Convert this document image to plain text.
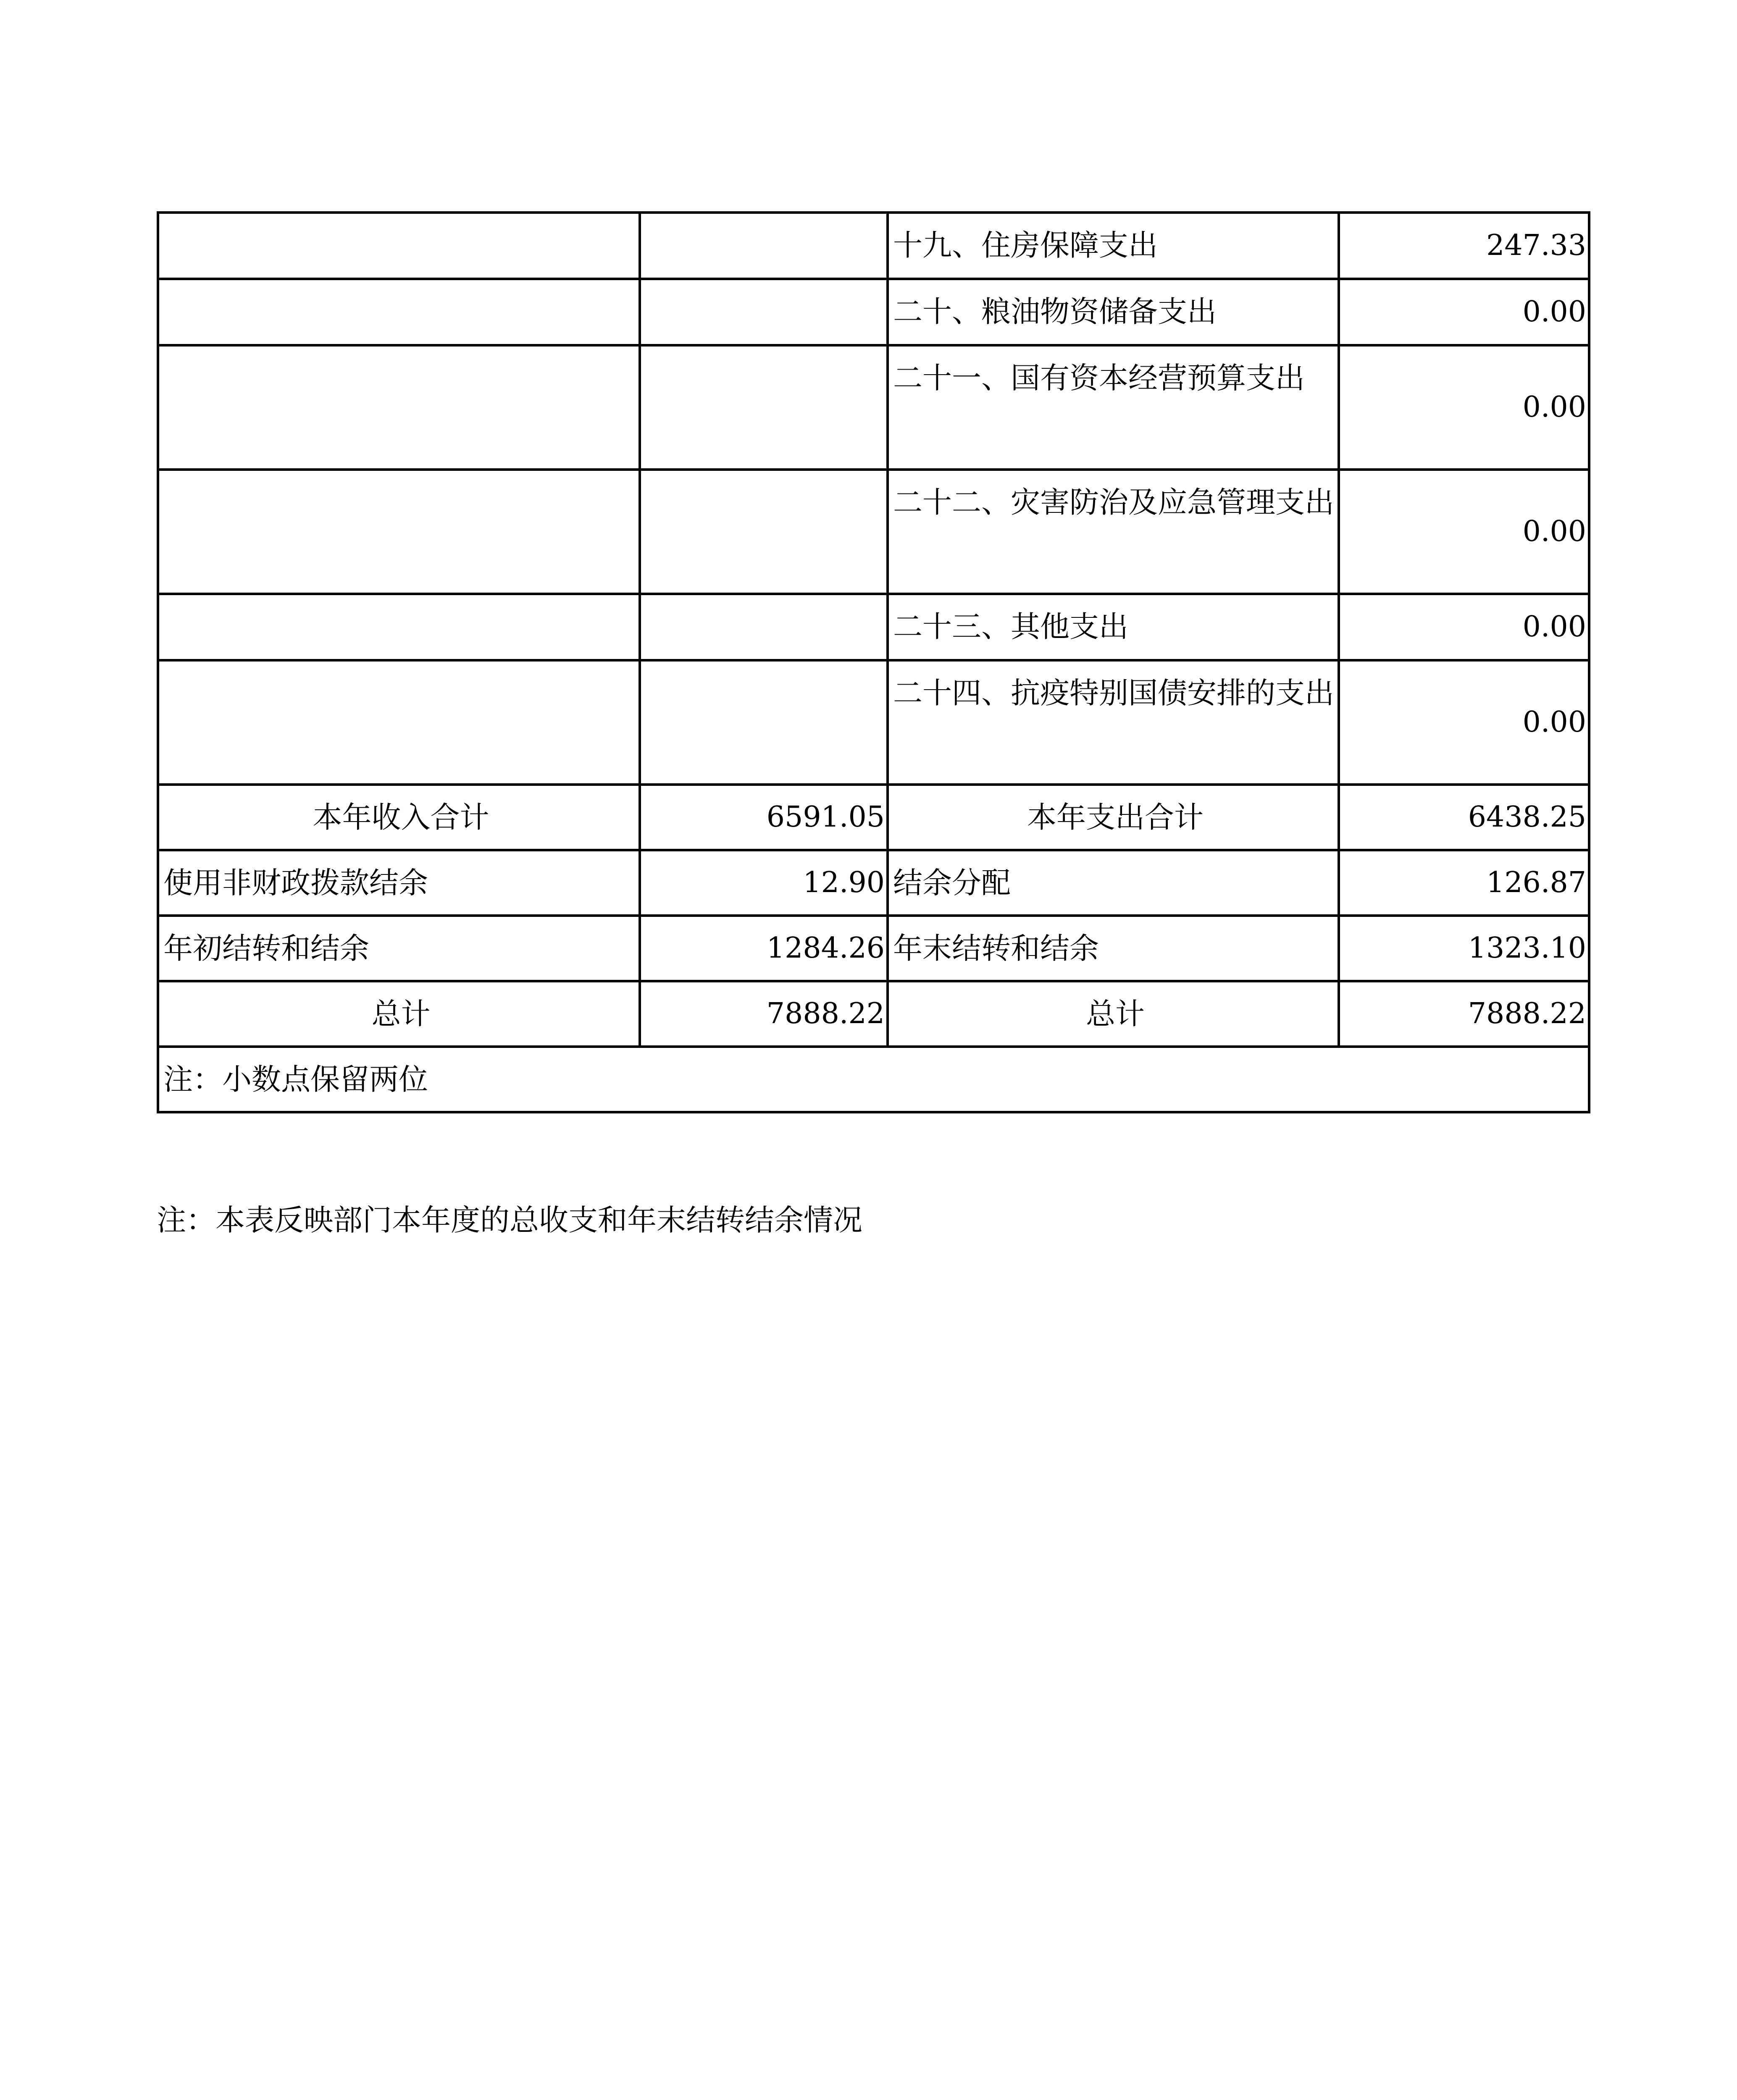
		十九、住房保障支出	247.33
		二十、粮油物资储备支出	0.00
		二十一、国有资本经营预算支出	0.00
		二十二、灾害防治及应急管理支出	0.00
		二十三、其他支出	0.00
		二十四、抗疫特别国债安排的支出	0.00
本年收入合计	6591.05	本年支出合计	6438.25
使用非财政拨款结余	12.90	结余分配	126.87
年初结转和结余	1284.26	年末结转和结余	1323.10
总计	7888.22	总计	7888.22
注：小数点保留两位			
注：本表反映部门本年度的总收支和年末结转结余情况
